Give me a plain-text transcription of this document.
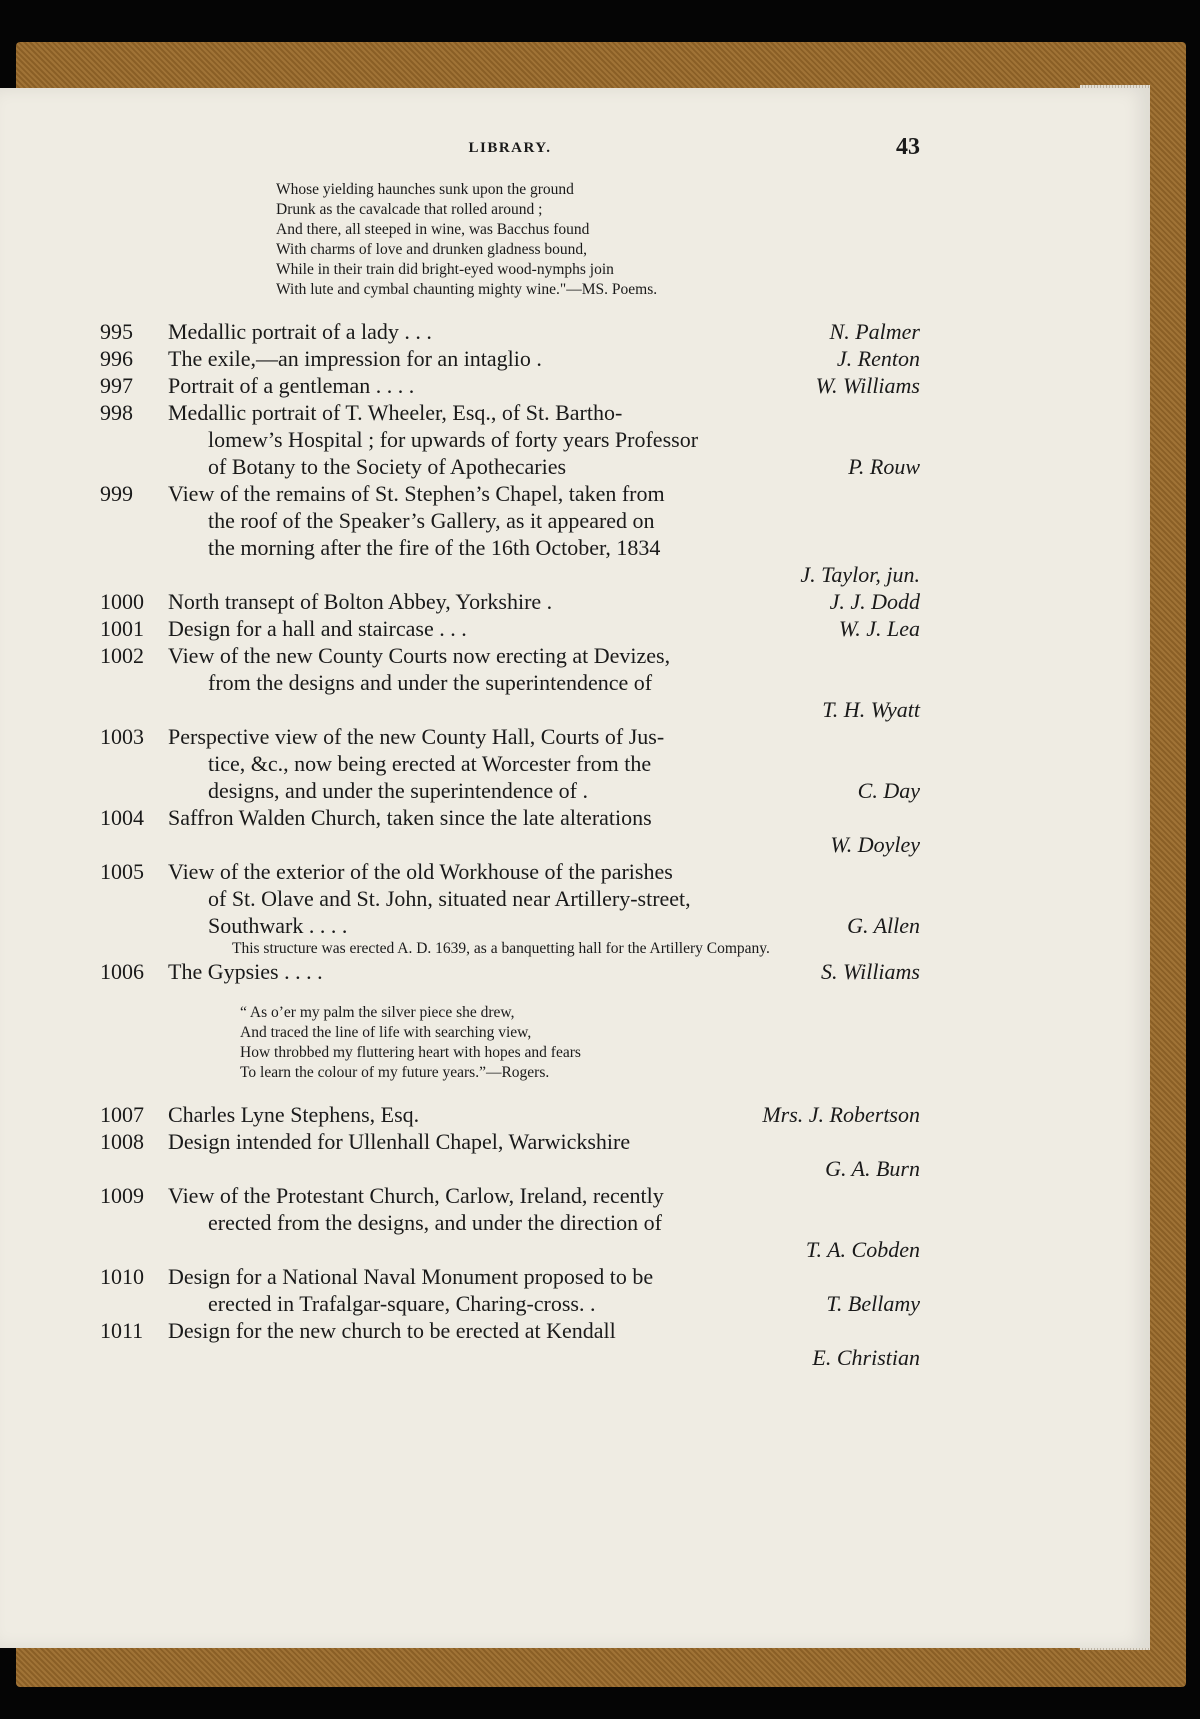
LIBRARY.	43
Whose yielding haunches sunk upon the ground
Drunk as the cavalcade that rolled around ;
And there, all steeped in wine, was Bacchus found
With charms of love and drunken gladness bound,
While in their train did bright-eyed wood-nymphs join
With lute and cymbal chaunting mighty wine."—MS. Poems.
995 Medallic portrait of a lady . . .	N. Palmer
996 The exile,—an impression for an intaglio .	J. Renton
997 Portrait of a gentleman . . . .	W. Williams
998 Medallic portrait of T. Wheeler, Esq., of St. Bartho-
lomew’s Hospital ; for upwards of forty years Professor
of Botany to the Society of Apothecaries	P. Rouw
999 View of the remains of St. Stephen’s Chapel, taken from
the roof of the Speaker’s Gallery, as it appeared on
the morning after the fire of the 16th October, 1834
J. Taylor, jun.
1000 North transept of Bolton Abbey, Yorkshire .	J. J. Dodd
1001 Design for a hall and staircase . . .	W. J. Lea
1002 View of the new County Courts now erecting at Devizes,
from the designs and under the superintendence of
T. H. Wyatt
1003 Perspective view of the new County Hall, Courts of Jus-
tice, &c., now being erected at Worcester from the
designs, and under the superintendence of .	C. Day
1004 Saffron Walden Church, taken since the late alterations
W. Doyley
1005 View of the exterior of the old Workhouse of the parishes
of St. Olave and St. John, situated near Artillery-street,
Southwark . . . .	G. Allen
This structure was erected A. D. 1639, as a banquetting hall for the Artillery Company.
1006 The Gypsies . . . .	S. Williams
“ As o’er my palm the silver piece she drew,
And traced the line of life with searching view,
How throbbed my fluttering heart with hopes and fears
To learn the colour of my future years.”—Rogers.
1007 Charles Lyne Stephens, Esq.	Mrs. J. Robertson
1008 Design intended for Ullenhall Chapel, Warwickshire
G. A. Burn
1009 View of the Protestant Church, Carlow, Ireland, recently
erected from the designs, and under the direction of
T. A. Cobden
1010 Design for a National Naval Monument proposed to be
erected in Trafalgar-square, Charing-cross. .	T. Bellamy
1011 Design for the new church to be erected at Kendall
E. Christian
